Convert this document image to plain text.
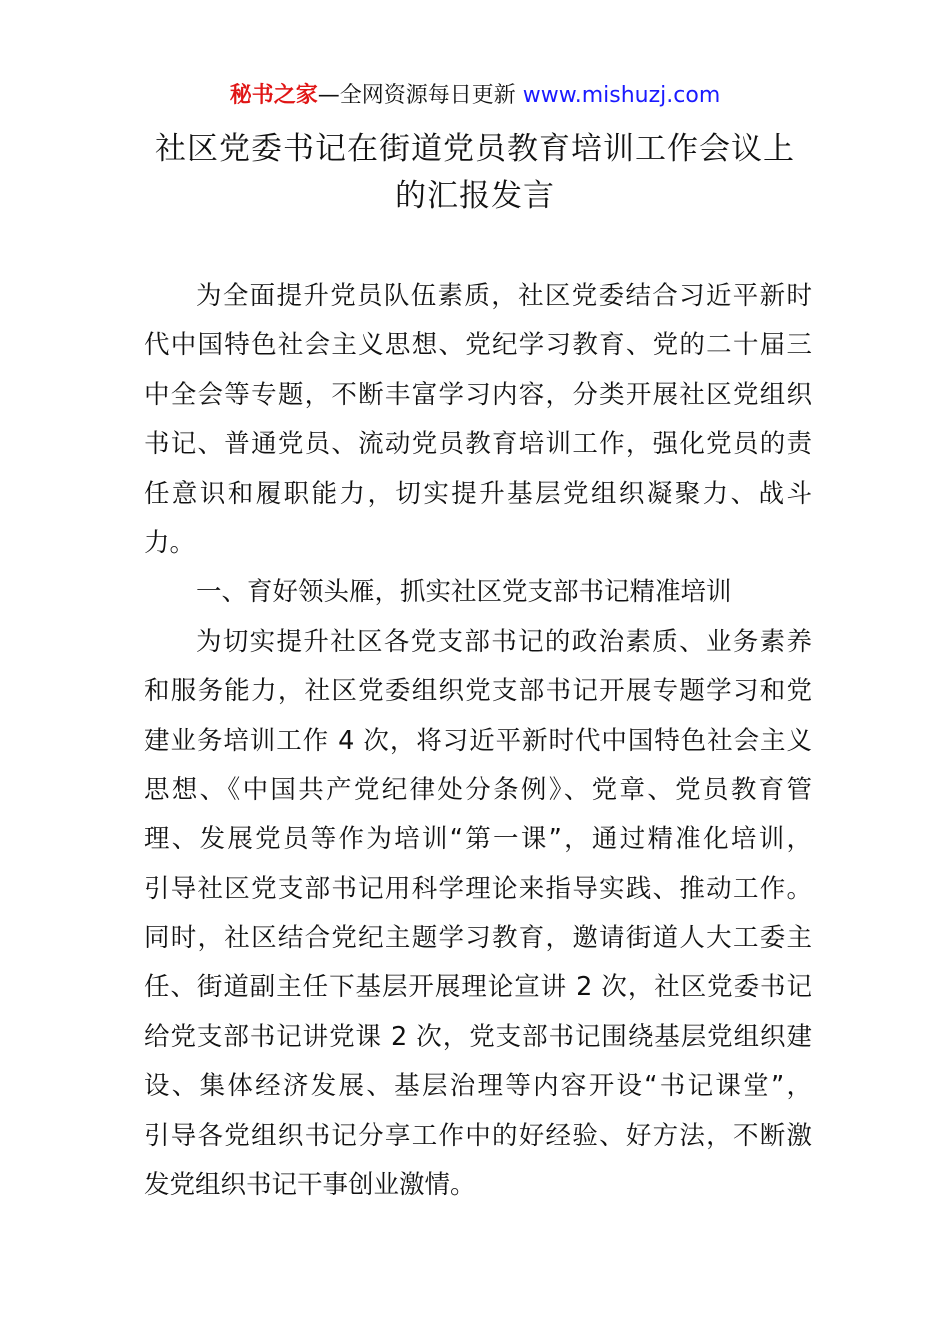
秘书之家—全网资源每日更新 www.mishuzj.com
社区党委书记在街道党员教育培训工作会议上
的汇报发言
为全面提升党员队伍素质，社区党委结合习近平新时
代中国特色社会主义思想、党纪学习教育、党的二十届三
中全会等专题，不断丰富学习内容，分类开展社区党组织
书记、普通党员、流动党员教育培训工作，强化党员的责
任意识和履职能力，切实提升基层党组织凝聚力、战斗
力。
一、育好领头雁，抓实社区党支部书记精准培训
为切实提升社区各党支部书记的政治素质、业务素养
和服务能力，社区党委组织党支部书记开展专题学习和党
建业务培训工作 4 次，将习近平新时代中国特色社会主义
思想、《中国共产党纪律处分条例》、党章、党员教育管
理、发展党员等作为培训“第一课”，通过精准化培训，
引导社区党支部书记用科学理论来指导实践、推动工作。
同时，社区结合党纪主题学习教育，邀请街道人大工委主
任、街道副主任下基层开展理论宣讲 2 次，社区党委书记
给党支部书记讲党课 2 次，党支部书记围绕基层党组织建
设、集体经济发展、基层治理等内容开设“书记课堂”，
引导各党组织书记分享工作中的好经验、好方法，不断激
发党组织书记干事创业激情。
